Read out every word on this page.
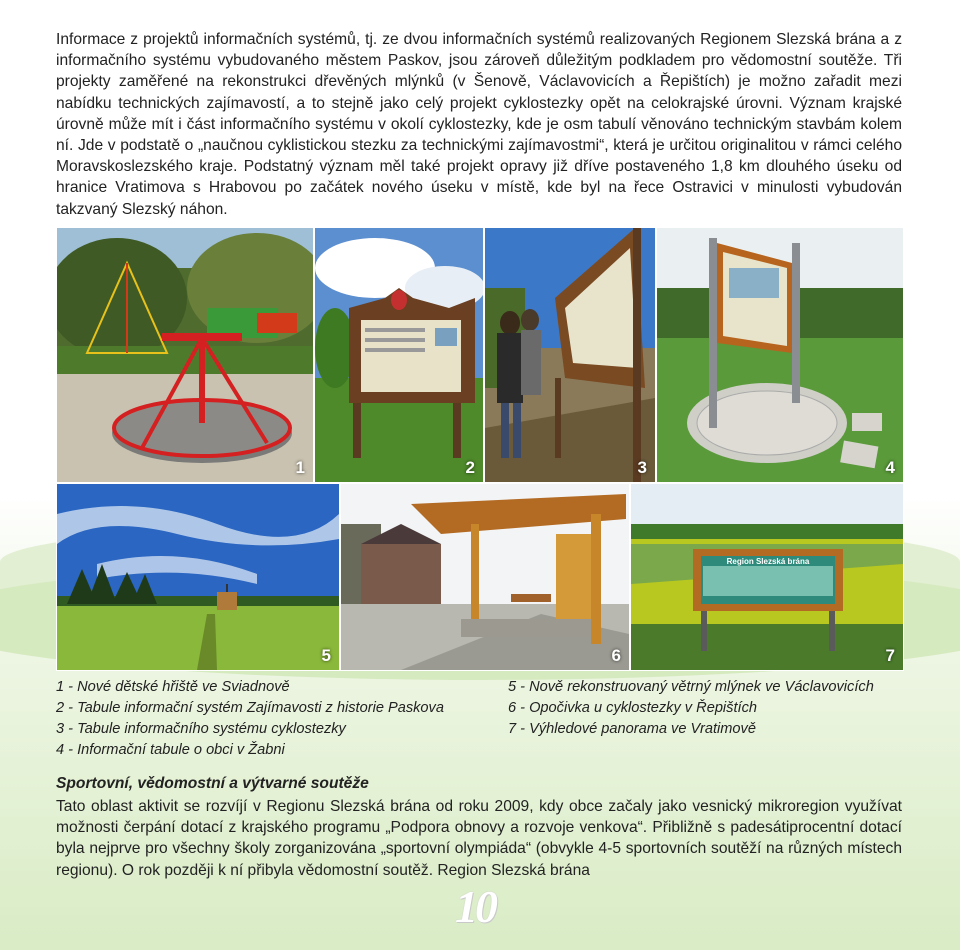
Informace z projektů informačních systémů, tj. ze dvou informačních systémů realizovaných Regionem Slezská brána a z informačního systému vybudovaného městem Paskov, jsou zároveň důležitým podkladem pro vědomostní soutěže. Tři projekty zaměřené na rekonstrukci dřevěných mlýnků (v Šenově, Václavovicích a Řepištích) je možno zařadit mezi nabídku technických zajímavostí, a to stejně jako celý projekt cyklostezky opět na celokrajské úrovni. Význam krajské úrovně může mít i část informačního systému v okolí cyklostezky, kde je osm tabulí věnováno technickým stavbám kolem ní. Jde v podstatě o „naučnou cyklistickou stezku za technickými zajímavostmi“, která je určitou originalitou v rámci celého Moravskoslezského kraje. Podstatný význam měl také projekt opravy již dříve postaveného 1,8 km dlouhého úseku od hranice Vratimova s Hrabovou po začátek nového úseku v místě, kde byl na řece Ostravici v minulosti vybudován takzvaný Slezský náhon.

1	2	3	4
5	6
Region Slezská brána
7
1 - Nové dětské hřiště ve Sviadnově
2 - Tabule informační systém Zajímavosti z historie Paskova
3 - Tabule informačního systému cyklostezky
4 - Informační tabule o obci v Žabni
5 - Nově rekonstruovaný větrný mlýnek ve Václavovicích
6 - Opočivka u cyklostezky v Řepištích
7 - Výhledové panorama ve Vratimově
Sportovní, vědomostní a výtvarné soutěže

Tato oblast aktivit se rozvíjí v Regionu Slezská brána od roku 2009, kdy obce začaly jako vesnický mikroregion využívat možnosti čerpání dotací z krajského programu „Podpora obnovy a rozvoje venkova“. Přibližně s padesátiprocentní dotací byla nejprve pro všechny školy zorganizována „sportovní olympiáda“ (obvykle 4-5 sportovních soutěží na různých místech regionu). O rok později k ní přibyla vědomostní soutěž. Region Slezská brána

10
